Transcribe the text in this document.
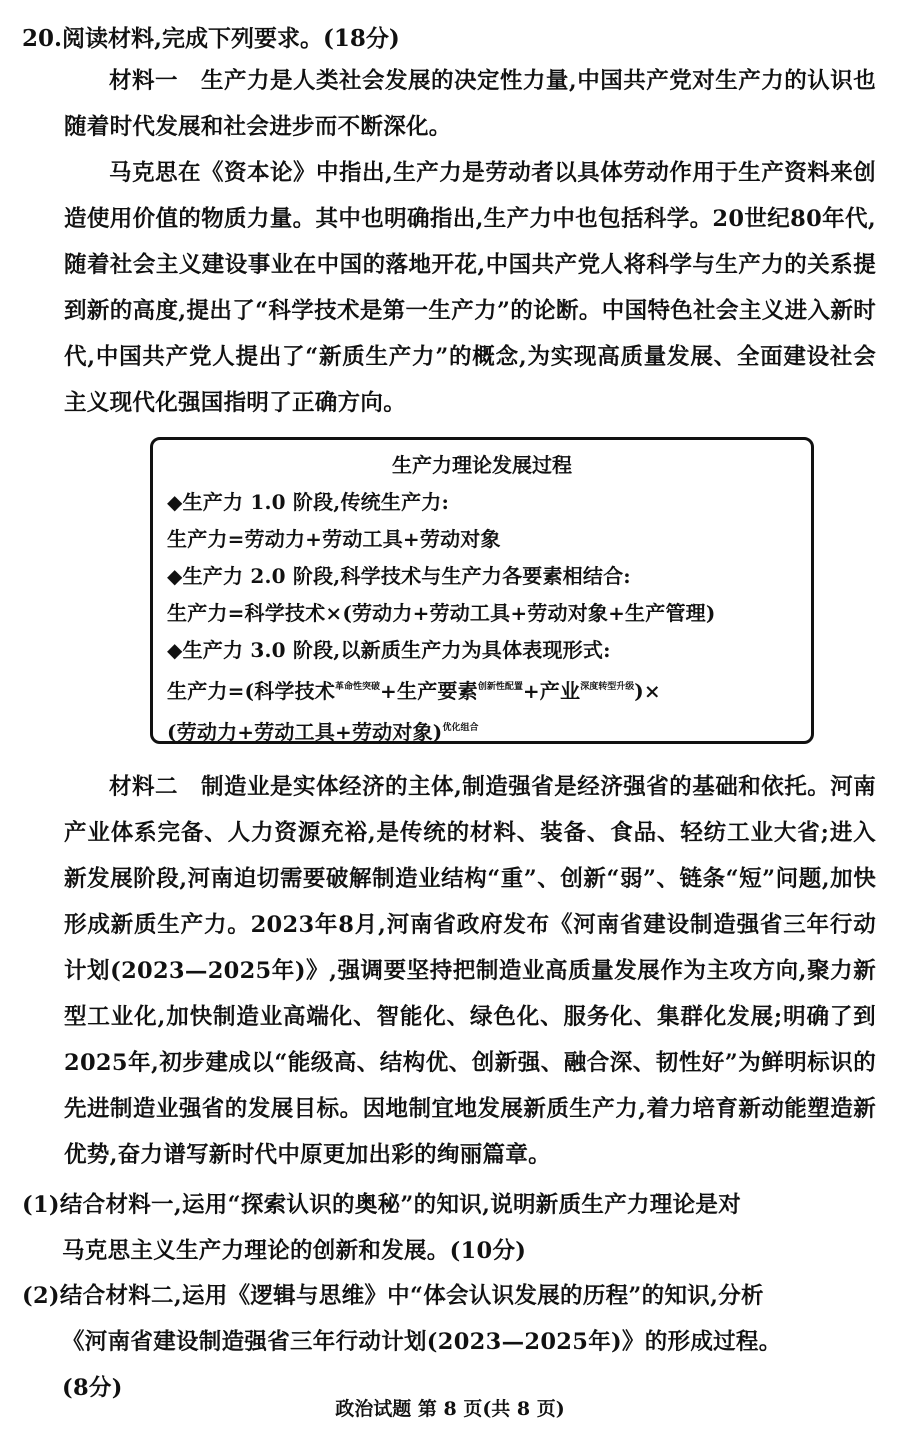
20.阅读材料,完成下列要求。(18分)

材料一　 生产力是人类社会发展的决定性力量,中国共产党对生产力的认识也随着时代发展和社会进步而不断深化。

马克思在《资本论》中指出,生产力是劳动者以具体劳动作用于生产资料来创造使用价值的物质力量。其中也明确指出,生产力中也包括科学。20世纪80年代,随着社会主义建设事业在中国的落地开花,中国共产党人将科学与生产力的关系提到新的高度,提出了“科学技术是第一生产力”的论断。中国特色社会主义进入新时代,中国共产党人提出了“新质生产力”的概念,为实现高质量发展、全面建设社会主义现代化强国指明了正确方向。

生产力理论发展过程

◆生产力 1.0 阶段,传统生产力:

生产力=劳动力+劳动工具+劳动对象

◆生产力 2.0 阶段,科学技术与生产力各要素相结合:

生产力=科学技术×(劳动力+劳动工具+劳动对象+生产管理)

◆生产力 3.0 阶段,以新质生产力为具体表现形式:

生产力=(科学技术$^{革命性突破}$+生产要素$^{创新性配置}$+产业$^{深度转型升级}$)×

(劳动力+劳动工具+劳动对象)$^{优化组合}$

材料二　 制造业是实体经济的主体,制造强省是经济强省的基础和依托。河南产业体系完备、人力资源充裕,是传统的材料、装备、食品、轻纺工业大省;进入新发展阶段,河南迫切需要破解制造业结构“重”、创新“弱”、链条“短”问题,加快形成新质生产力。2023年8月,河南省政府发布《河南省建设制造强省三年行动计划(2023—2025年)》,强调要坚持把制造业高质量发展作为主攻方向,聚力新型工业化,加快制造业高端化、智能化、绿色化、服务化、集群化发展;明确了到2025年,初步建成以“能级高、结构优、创新强、融合深、韧性好”为鲜明标识的先进制造业强省的发展目标。因地制宜地发展新质生产力,着力培育新动能塑造新优势,奋力谱写新时代中原更加出彩的绚丽篇章。

(1)结合材料一,运用“探索认识的奥秘”的知识,说明新质生产力理论是对
马克思主义生产力理论的创新和发展。(10分)

(2)结合材料二,运用《逻辑与思维》中“体会认识发展的历程”的知识,分析
《河南省建设制造强省三年行动计划(2023—2025年)》的形成过程。
(8分)

政治试题 第 8 页(共 8 页)
